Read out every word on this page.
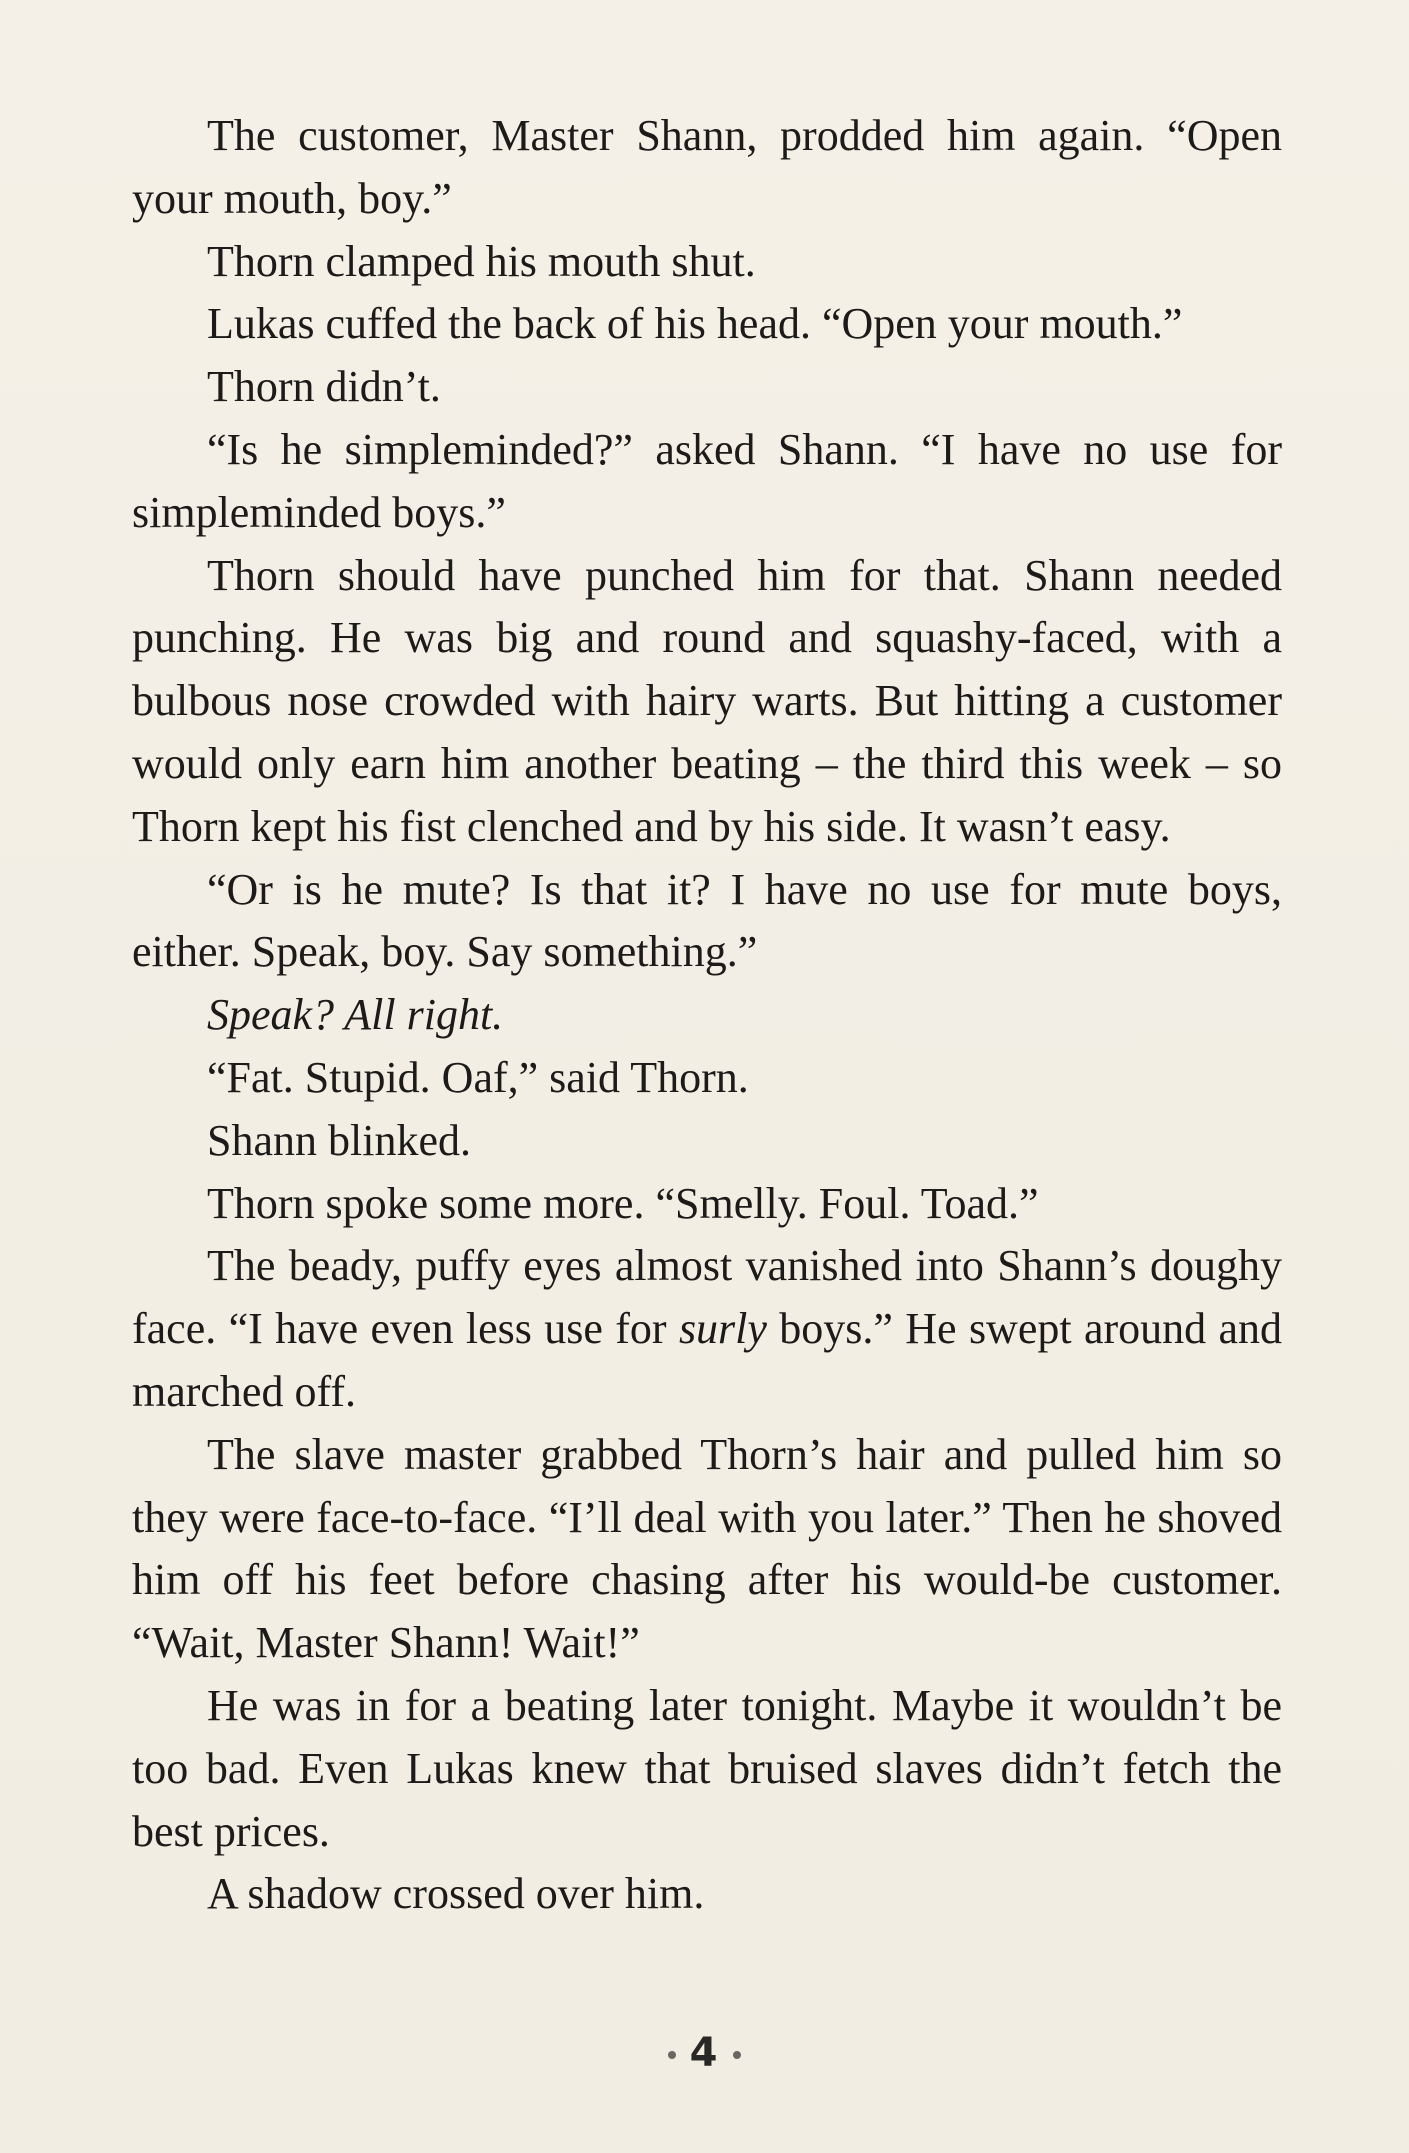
The customer, Master Shann, prodded him again. “Open your mouth, boy.”

Thorn clamped his mouth shut.

Lukas cuffed the back of his head. “Open your mouth.”

Thorn didn’t.

“Is he simpleminded?” asked Shann. “I have no use for simpleminded boys.”

Thorn should have punched him for that. Shann needed punching. He was big and round and squashy-faced, with a bulbous nose crowded with hairy warts. But hitting a customer would only earn him another beating – the third this week – so Thorn kept his fist clenched and by his side. It wasn’t easy.

“Or is he mute? Is that it? I have no use for mute boys, either. Speak, boy. Say something.”

Speak? All right.

“Fat. Stupid. Oaf,” said Thorn.

Shann blinked.

Thorn spoke some more. “Smelly. Foul. Toad.”

The beady, puffy eyes almost vanished into Shann’s doughy face. “I have even less use for surly boys.” He swept around and marched off.

The slave master grabbed Thorn’s hair and pulled him so they were face-to-face. “I’ll deal with you later.” Then he shoved him off his feet before chasing after his would-be customer. “Wait, Master Shann! Wait!”

He was in for a beating later tonight. Maybe it wouldn’t be too bad. Even Lukas knew that bruised slaves didn’t fetch the best prices.

A shadow crossed over him.

4
